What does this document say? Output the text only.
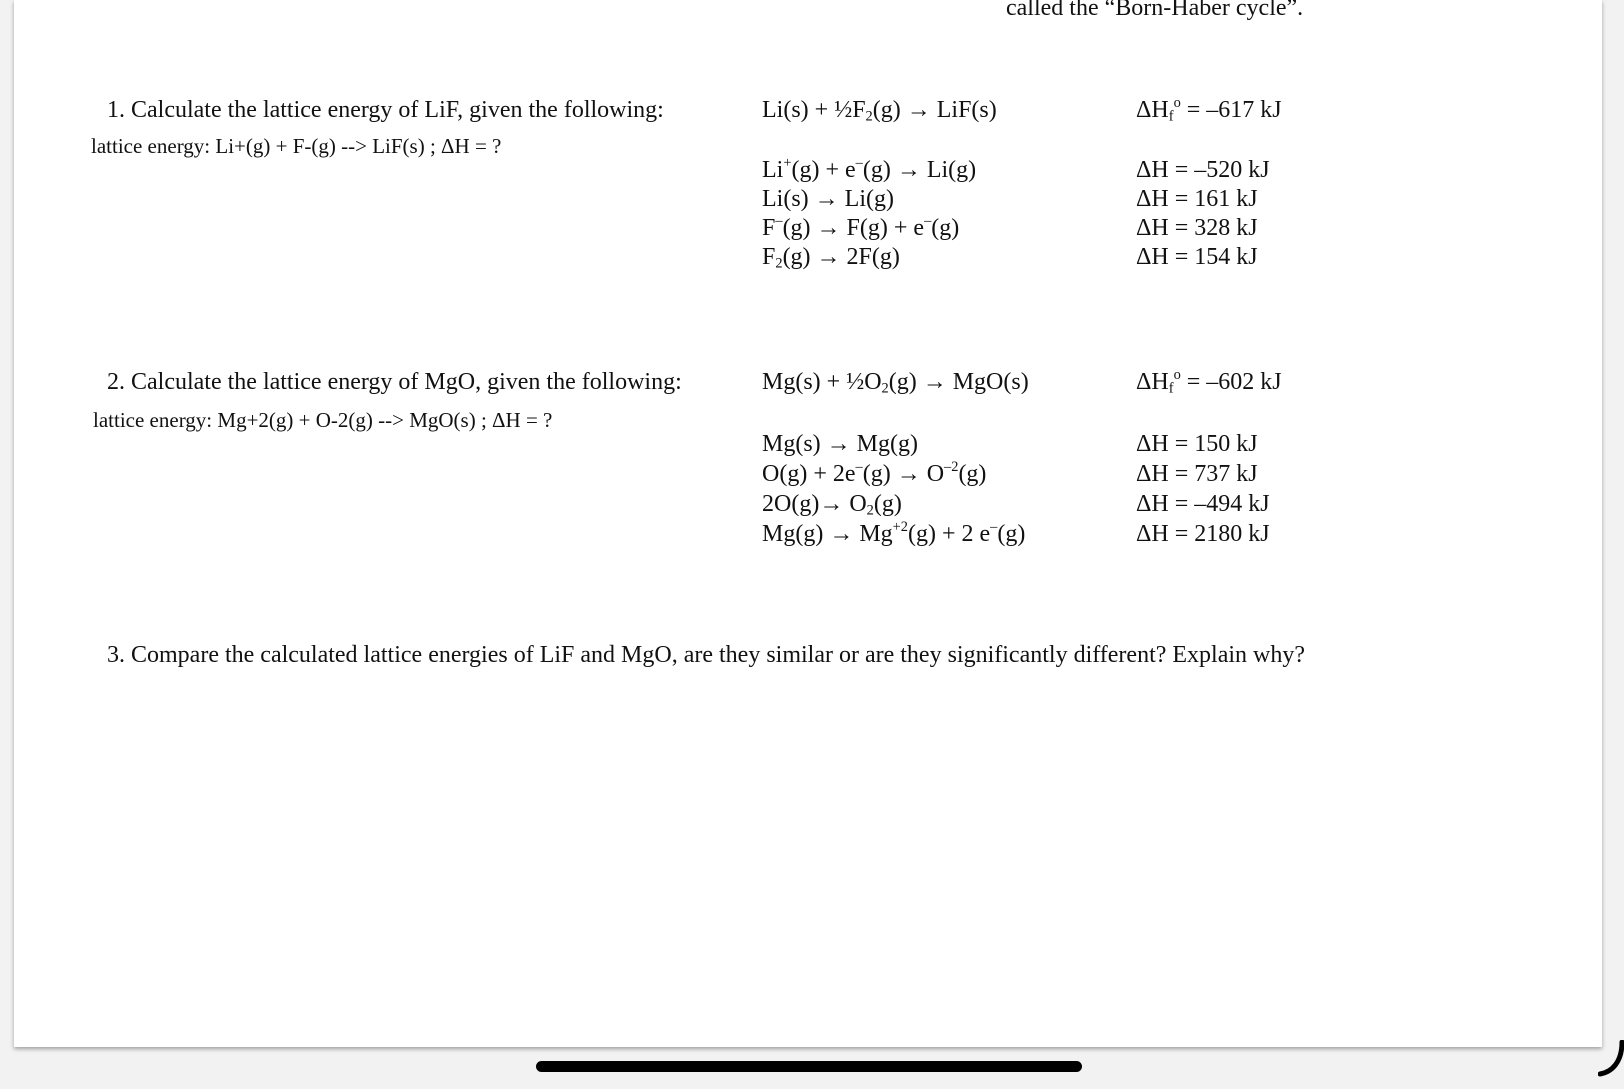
called the “Born-Haber cycle”.
1. Calculate the lattice energy of LiF, given the following:
lattice energy: Li+(g) + F-(g) --> LiF(s) ; ΔH = ?
$Li(s) + \frac{1}{2}F_2(g) \to LiF(s)$	$\Delta H_f^o = -617$ kJ
Li+(g) + e–(g) → Li(g)	ΔH = –520 kJ
Li(s) → Li(g)	ΔH = 161 kJ
F–(g) → F(g) + e–(g)	ΔH = 328 kJ
$F_2(g) \to 2F(g)$	ΔH = 154 kJ
2. Calculate the lattice energy of MgO, given the following:
lattice energy: Mg+2(g) + O-2(g) --> MgO(s) ; ΔH = ?
$Mg(s) + \frac{1}{2}O_2(g) \to MgO(s)$	$\Delta H_f^o = -602$ kJ
Mg(s) → Mg(g)	ΔH = 150 kJ
$O(g) + 2e^-(g) \to O^{-2}(g)$	ΔH = 737 kJ
$2O(g)\to O_2(g)$	ΔH = –494 kJ
$Mg(g) \to Mg^{+2}(g) + 2$ e–(g)	ΔH = 2180 kJ
3. Compare the calculated lattice energies of LiF and MgO, are they similar or are they significantly different? Explain why?
